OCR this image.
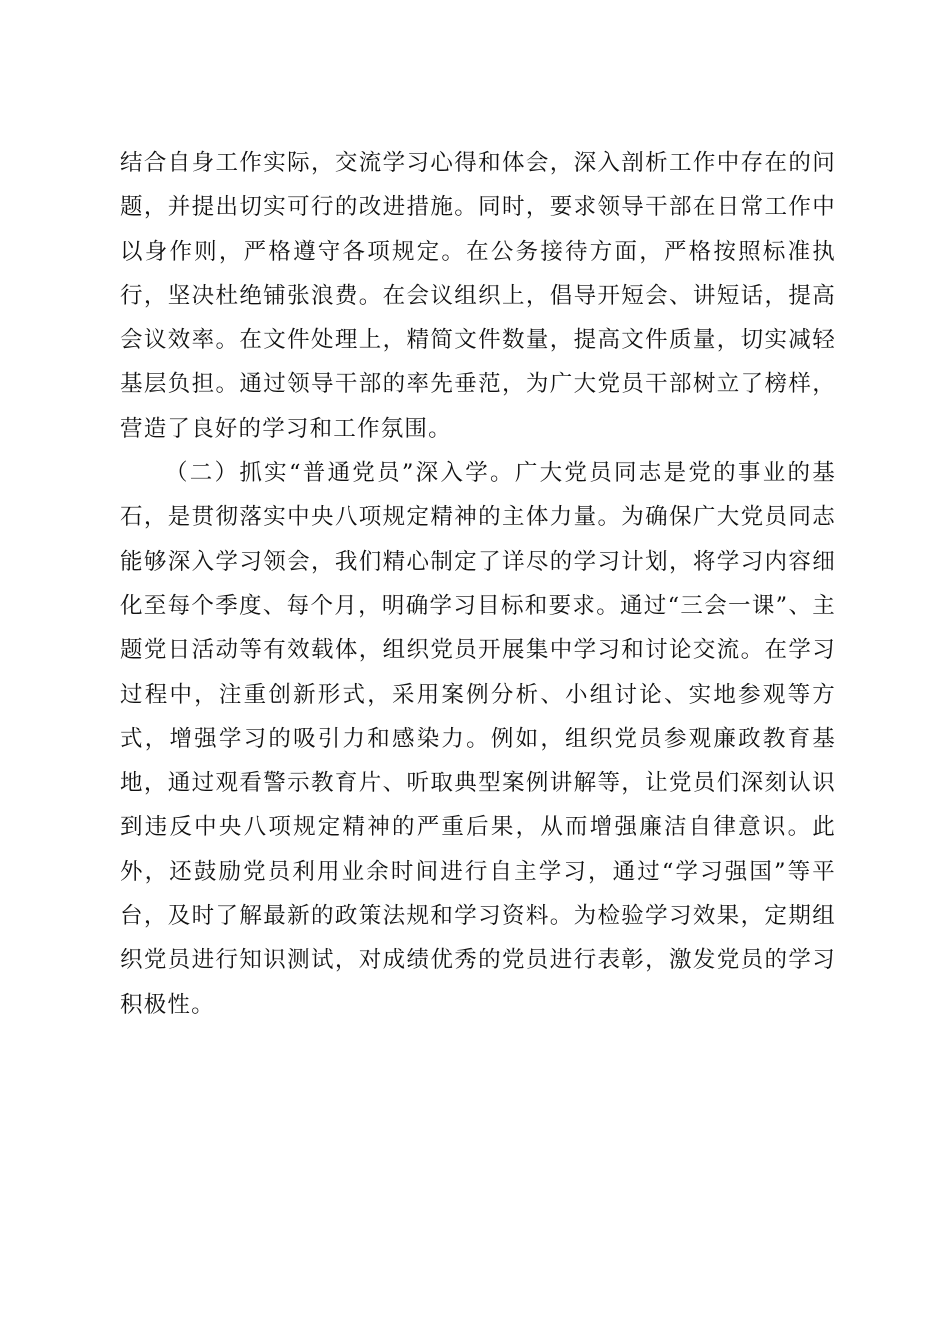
结合自身工作实际，交流学习心得和体会，深入剖析工作中存在的问题，并提出切实可行的改进措施。同时，要求领导干部在日常工作中以身作则，严格遵守各项规定。在公务接待方面，严格按照标准执行，坚决杜绝铺张浪费。在会议组织上，倡导开短会、讲短话，提高会议效率。在文件处理上，精简文件数量，提高文件质量，切实减轻基层负担。通过领导干部的率先垂范，为广大党员干部树立了榜样，营造了良好的学习和工作氛围。

（二）抓实“普通党员”深入学。广大党员同志是党的事业的基石，是贯彻落实中央八项规定精神的主体力量。为确保广大党员同志能够深入学习领会，我们精心制定了详尽的学习计划，将学习内容细化至每个季度、每个月，明确学习目标和要求。通过“三会一课”、主题党日活动等有效载体，组织党员开展集中学习和讨论交流。在学习过程中，注重创新形式，采用案例分析、小组讨论、实地参观等方式，增强学习的吸引力和感染力。例如，组织党员参观廉政教育基地，通过观看警示教育片、听取典型案例讲解等，让党员们深刻认识到违反中央八项规定精神的严重后果，从而增强廉洁自律意识。此外，还鼓励党员利用业余时间进行自主学习，通过“学习强国”等平台，及时了解最新的政策法规和学习资料。为检验学习效果，定期组织党员进行知识测试，对成绩优秀的党员进行表彰，激发党员的学习积极性。
